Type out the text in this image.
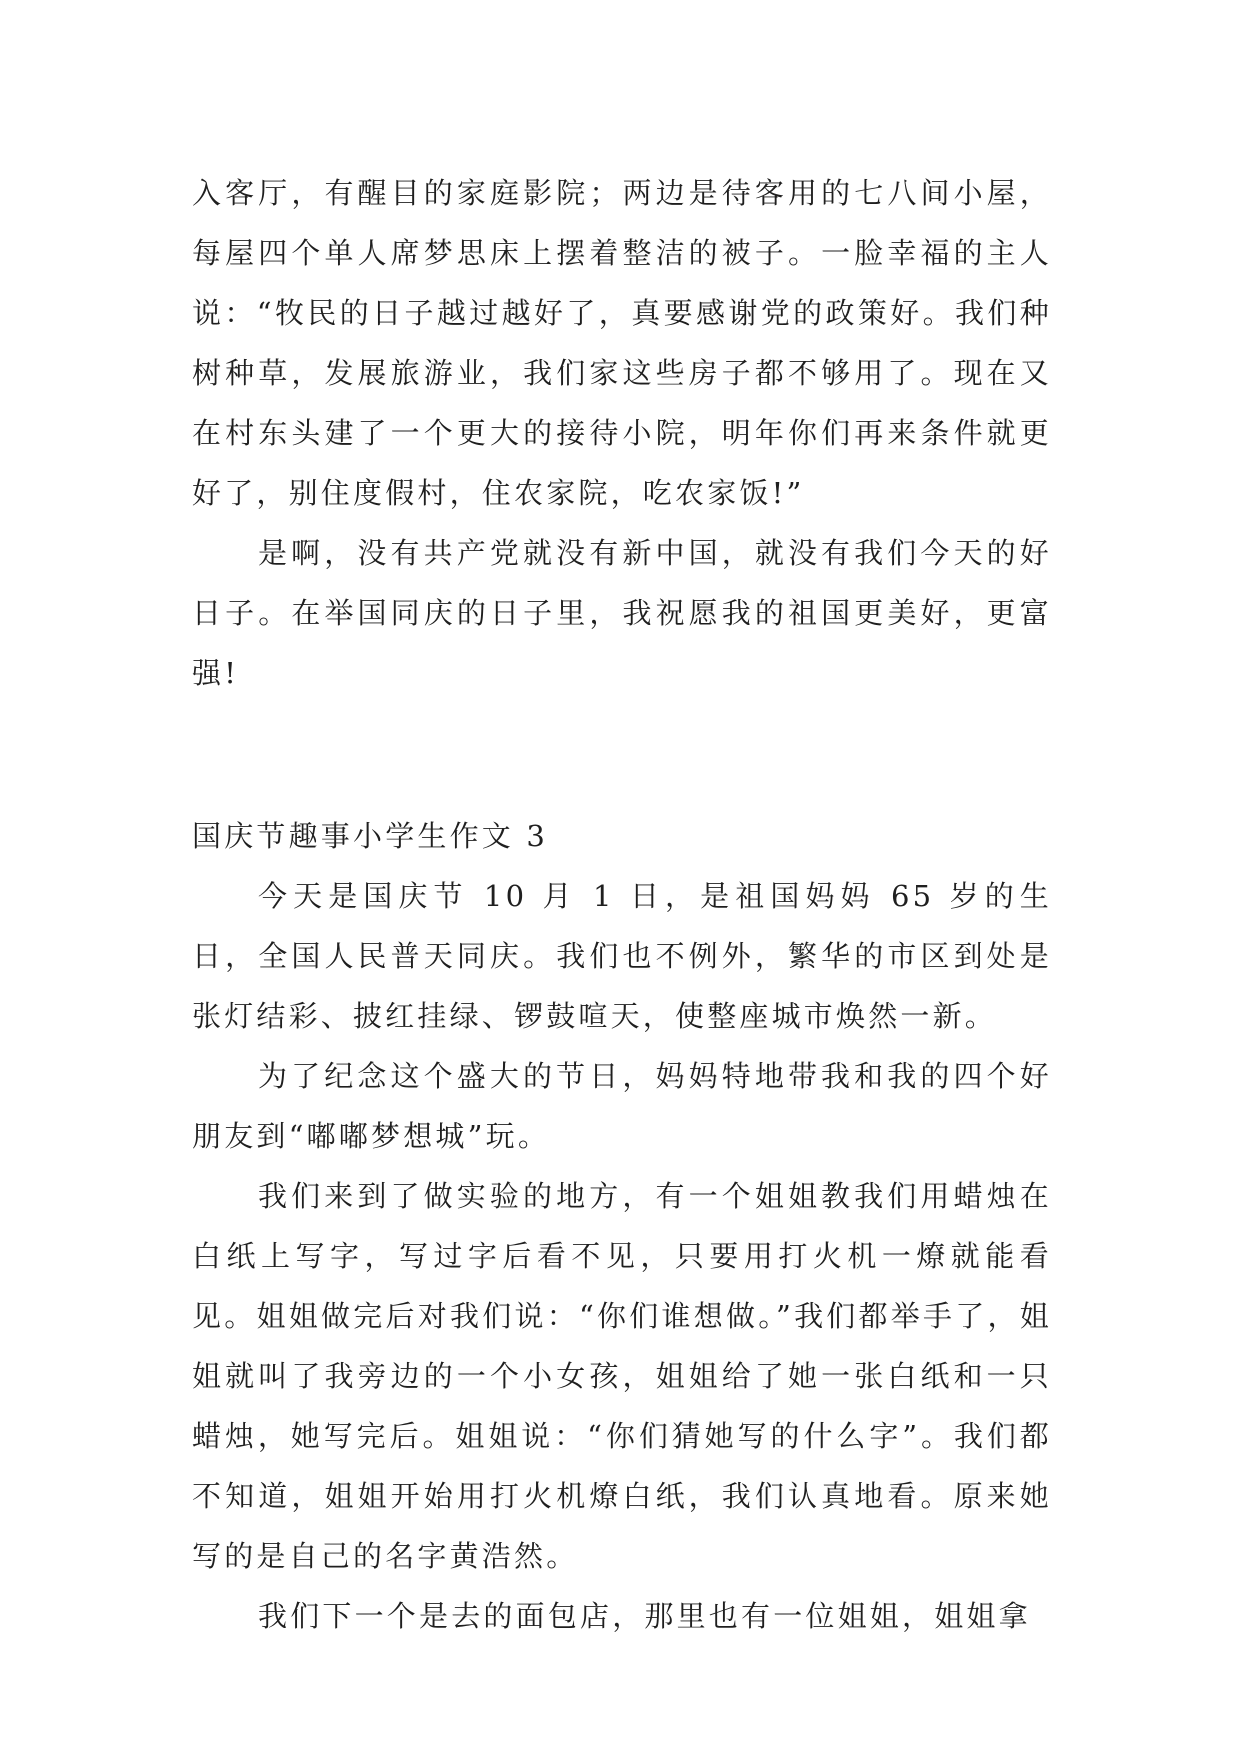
入客厅，有醒目的家庭影院；两边是待客用的七八间小屋，每屋四个单人席梦思床上摆着整洁的被子。一脸幸福的主人说：“牧民的日子越过越好了，真要感谢党的政策好。我们种树种草，发展旅游业，我们家这些房子都不够用了。现在又在村东头建了一个更大的接待小院，明年你们再来条件就更好了，别住度假村，住农家院，吃农家饭!”

是啊，没有共产党就没有新中国，就没有我们今天的好日子。在举国同庆的日子里，我祝愿我的祖国更美好，更富强!

国庆节趣事小学生作文 3

今天是国庆节 10 月 1 日，是祖国妈妈 65 岁的生日，全国人民普天同庆。我们也不例外，繁华的市区到处是张灯结彩、披红挂绿、锣鼓喧天，使整座城市焕然一新。

为了纪念这个盛大的节日，妈妈特地带我和我的四个好朋友到“嘟嘟梦想城”玩。

我们来到了做实验的地方，有一个姐姐教我们用蜡烛在白纸上写字，写过字后看不见，只要用打火机一燎就能看见。姐姐做完后对我们说：“你们谁想做。”我们都举手了，姐姐就叫了我旁边的一个小女孩，姐姐给了她一张白纸和一只蜡烛，她写完后。姐姐说：“你们猜她写的什么字”。我们都不知道，姐姐开始用打火机燎白纸，我们认真地看。原来她写的是自己的名字黄浩然。

我们下一个是去的面包店，那里也有一位姐姐，姐姐拿
